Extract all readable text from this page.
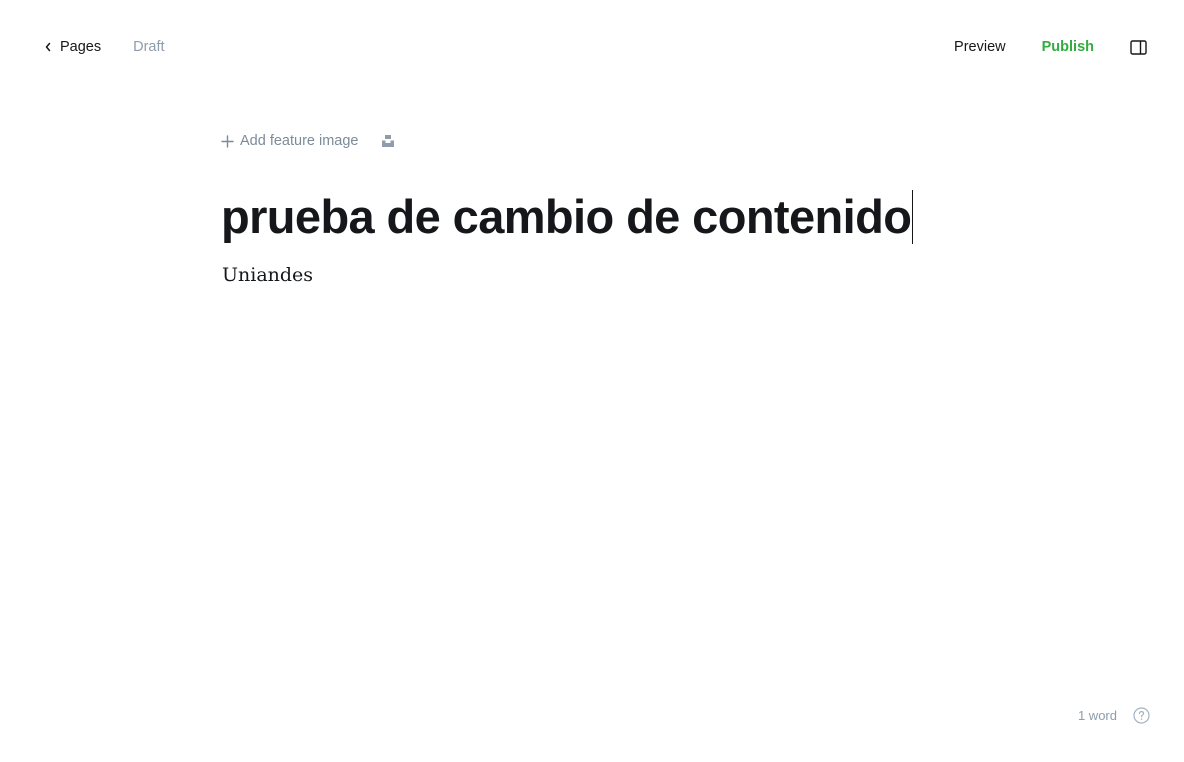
Pages Draft	Preview Publish
Add feature image
prueba de cambio de contenido
Uniandes
1 word
